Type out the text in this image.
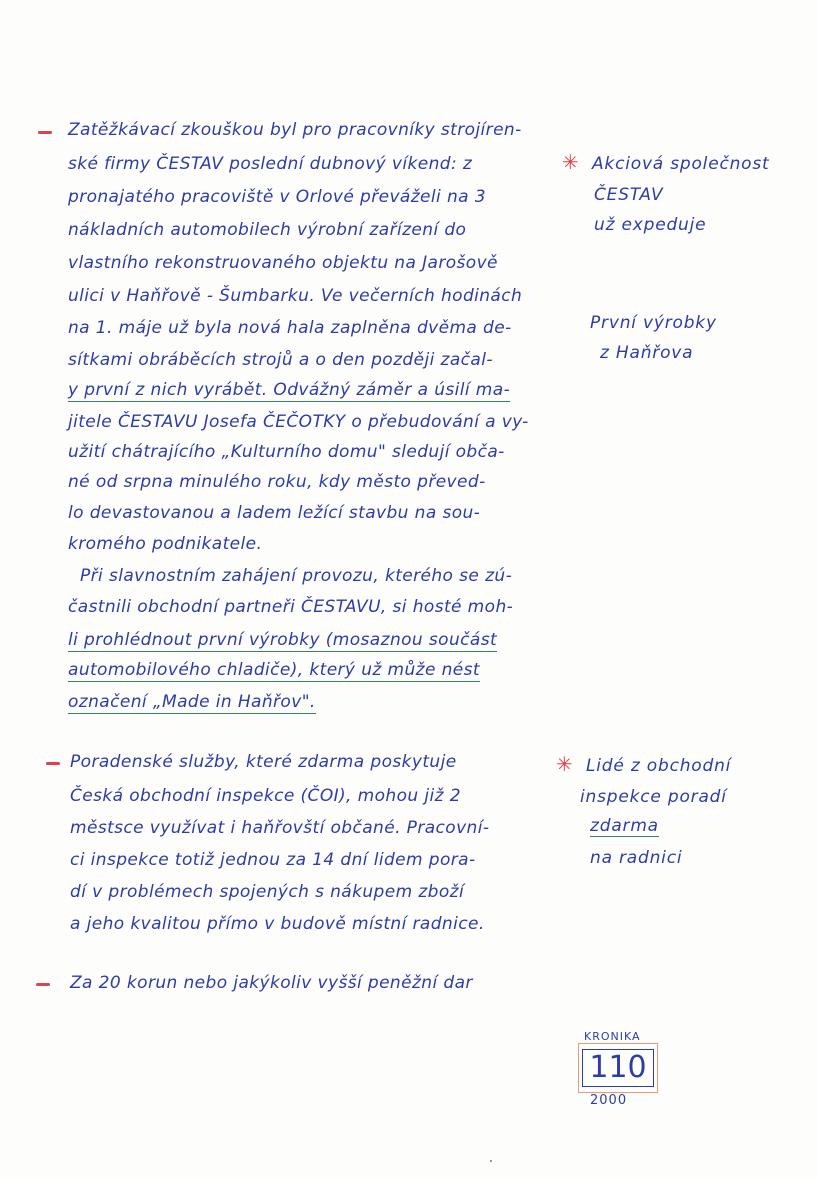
Zatěžkávací zkouškou byl pro pracovníky strojíren-
ské firmy ČESTAV poslední dubnový víkend: z
pronajatého pracoviště v Orlové převáželi na 3
nákladních automobilech výrobní zařízení do
vlastního rekonstruovaného objektu na Jarošově
ulici v Haňřově - Šumbarku. Ve večerních hodinách
na 1. máje už byla nová hala zaplněna dvěma de-
sítkami obráběcích strojů a o den později začal-
y první z nich vyrábět. Odvážný záměr a úsilí ma-
jitele ČESTAVU Josefa ČEČOTKY o přebudování a vy-
užití chátrajícího „Kulturního domu" sledují obča-
né od srpna minulého roku, kdy město převed-
lo devastovanou a ladem ležící stavbu na sou-
kromého podnikatele.
Při slavnostním zahájení provozu, kterého se zú-
častnili obchodní partneři ČESTAVU, si hosté moh-
li prohlédnout první výrobky (mosaznou součást
automobilového chladiče), který už může nést
označení „Made in Haňřov".
Poradenské služby, které zdarma poskytuje
Česká obchodní inspekce (ČOI), mohou již 2
městsce využívat i haňřovští občané. Pracovní-
ci inspekce totiž jednou za 14 dní lidem pora-
dí v problémech spojených s nákupem zboží
a jeho kvalitou přímo v budově místní radnice.
Za 20 korun nebo jakýkoliv vyšší peněžní dar
✳ Akciová společnost
ČESTAV
už expeduje
První výrobky
z Haňřova
✳ Lidé z obchodní
inspekce poradí
zdarma
na radnici
KRONIKA
110
2000
